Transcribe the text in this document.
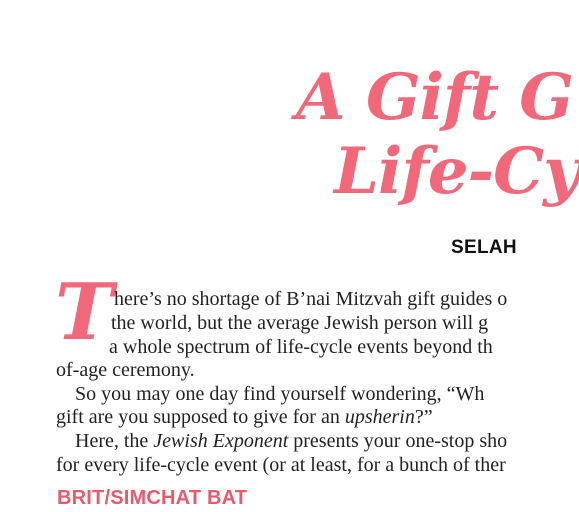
A Gift G
Life-Cy
SELAH
T here’s no shortage of B’nai Mitzvah gift guides o
the world, but the average Jewish person will g
a whole spectrum of life-cycle events beyond th
of-age ceremony.
So you may one day find yourself wondering, “Wh
gift are you supposed to give for an upsherin?”
Here, the Jewish Exponent presents your one-stop sho
for every life-cycle event (or at least, for a bunch of ther
BRIT/SIMCHAT BAT
